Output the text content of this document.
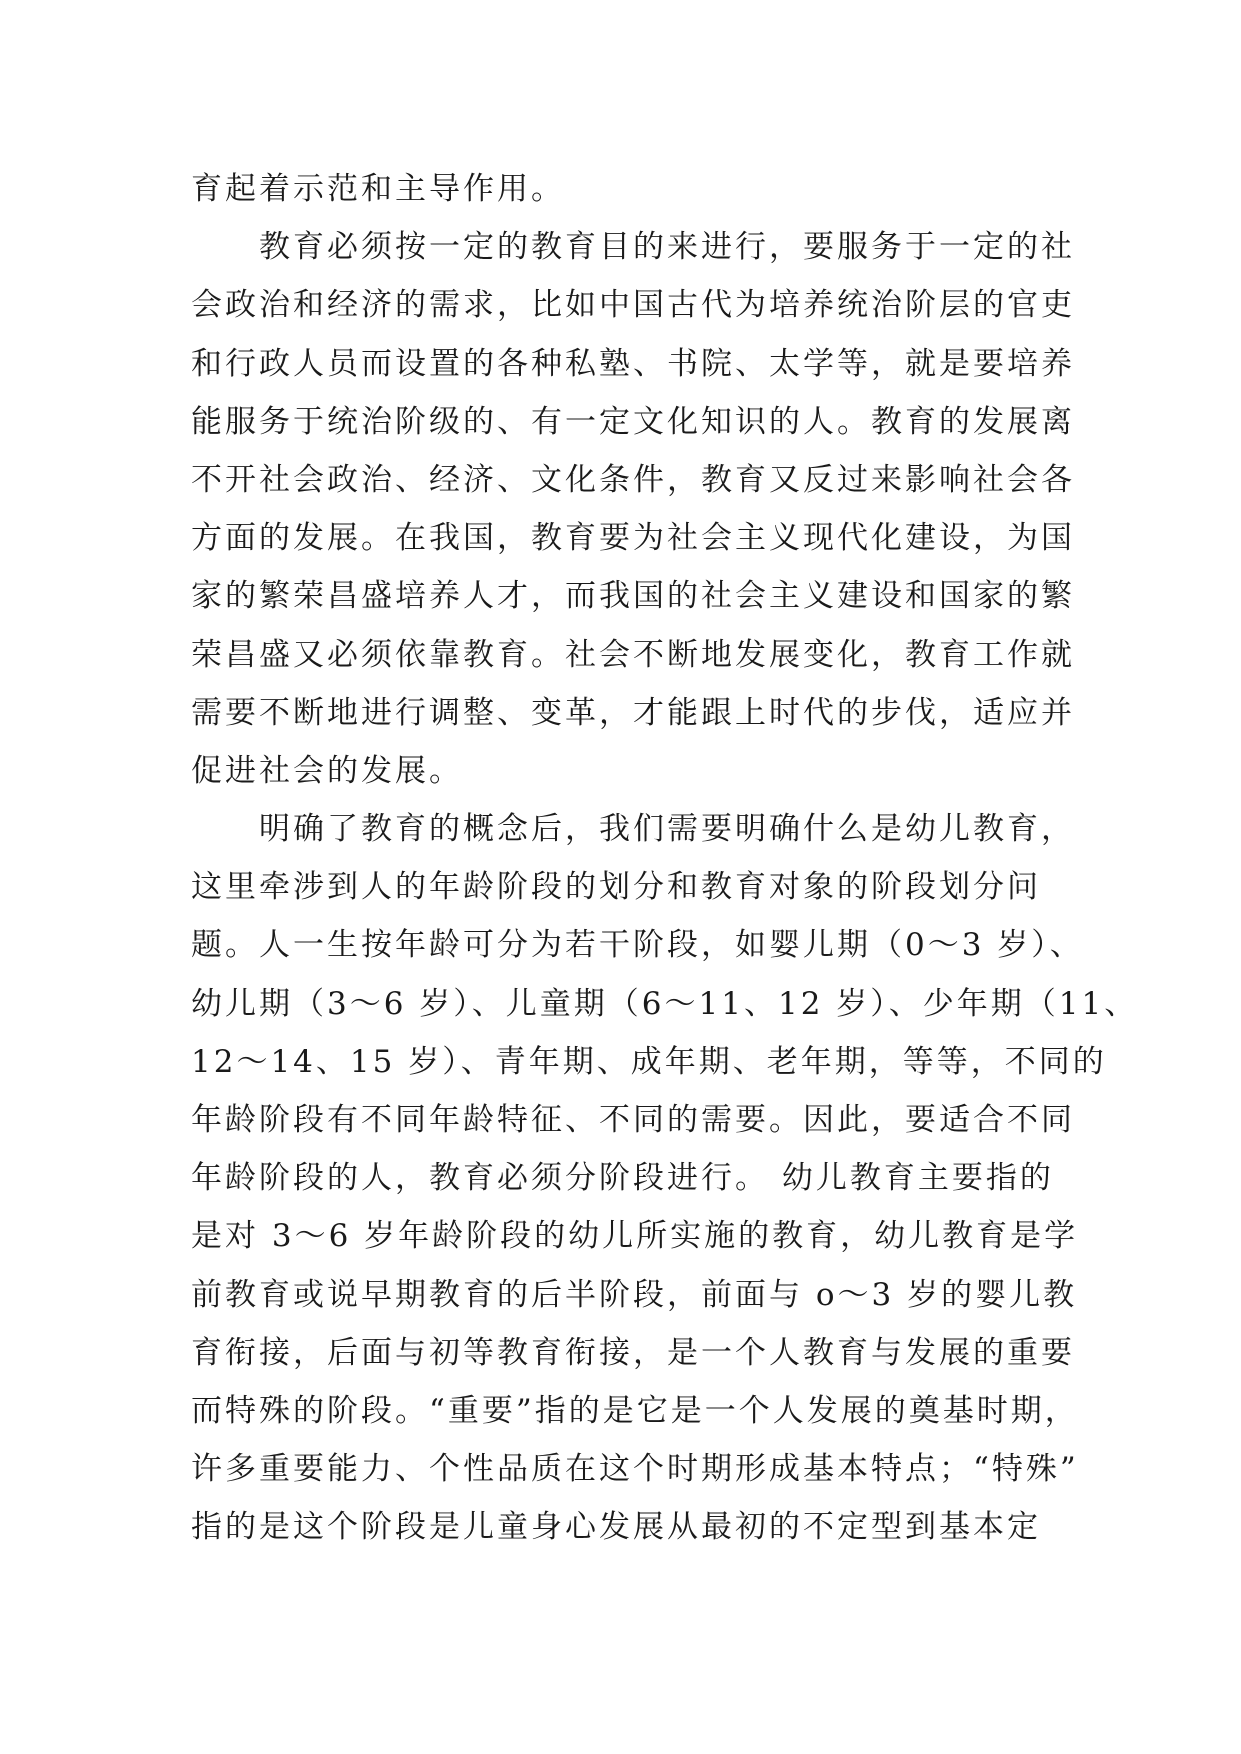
育起着示范和主导作用。
　　教育必须按一定的教育目的来进行，要服务于一定的社
会政治和经济的需求，比如中国古代为培养统治阶层的官吏
和行政人员而设置的各种私塾、书院、太学等，就是要培养
能服务于统治阶级的、有一定文化知识的人。教育的发展离
不开社会政治、经济、文化条件，教育又反过来影响社会各
方面的发展。在我国，教育要为社会主义现代化建设，为国
家的繁荣昌盛培养人才，而我国的社会主义建设和国家的繁
荣昌盛又必须依靠教育。社会不断地发展变化，教育工作就
需要不断地进行调整、变革，才能跟上时代的步伐，适应并
促进社会的发展。
　　明确了教育的概念后，我们需要明确什么是幼儿教育，
这里牵涉到人的年龄阶段的划分和教育对象的阶段划分问
题。人一生按年龄可分为若干阶段，如婴儿期（0～3 岁）、
幼儿期（3～6 岁）、儿童期（6～11、12 岁）、少年期（11、
12～14、15 岁）、青年期、成年期、老年期，等等，不同的
年龄阶段有不同年龄特征、不同的需要。因此，要适合不同
年龄阶段的人，教育必须分阶段进行。 幼儿教育主要指的
是对 3～6 岁年龄阶段的幼儿所实施的教育，幼儿教育是学
前教育或说早期教育的后半阶段，前面与 o～3 岁的婴儿教
育衔接，后面与初等教育衔接，是一个人教育与发展的重要
而特殊的阶段。“重要”指的是它是一个人发展的奠基时期，
许多重要能力、个性品质在这个时期形成基本特点；“特殊”
指的是这个阶段是儿童身心发展从最初的不定型到基本定
